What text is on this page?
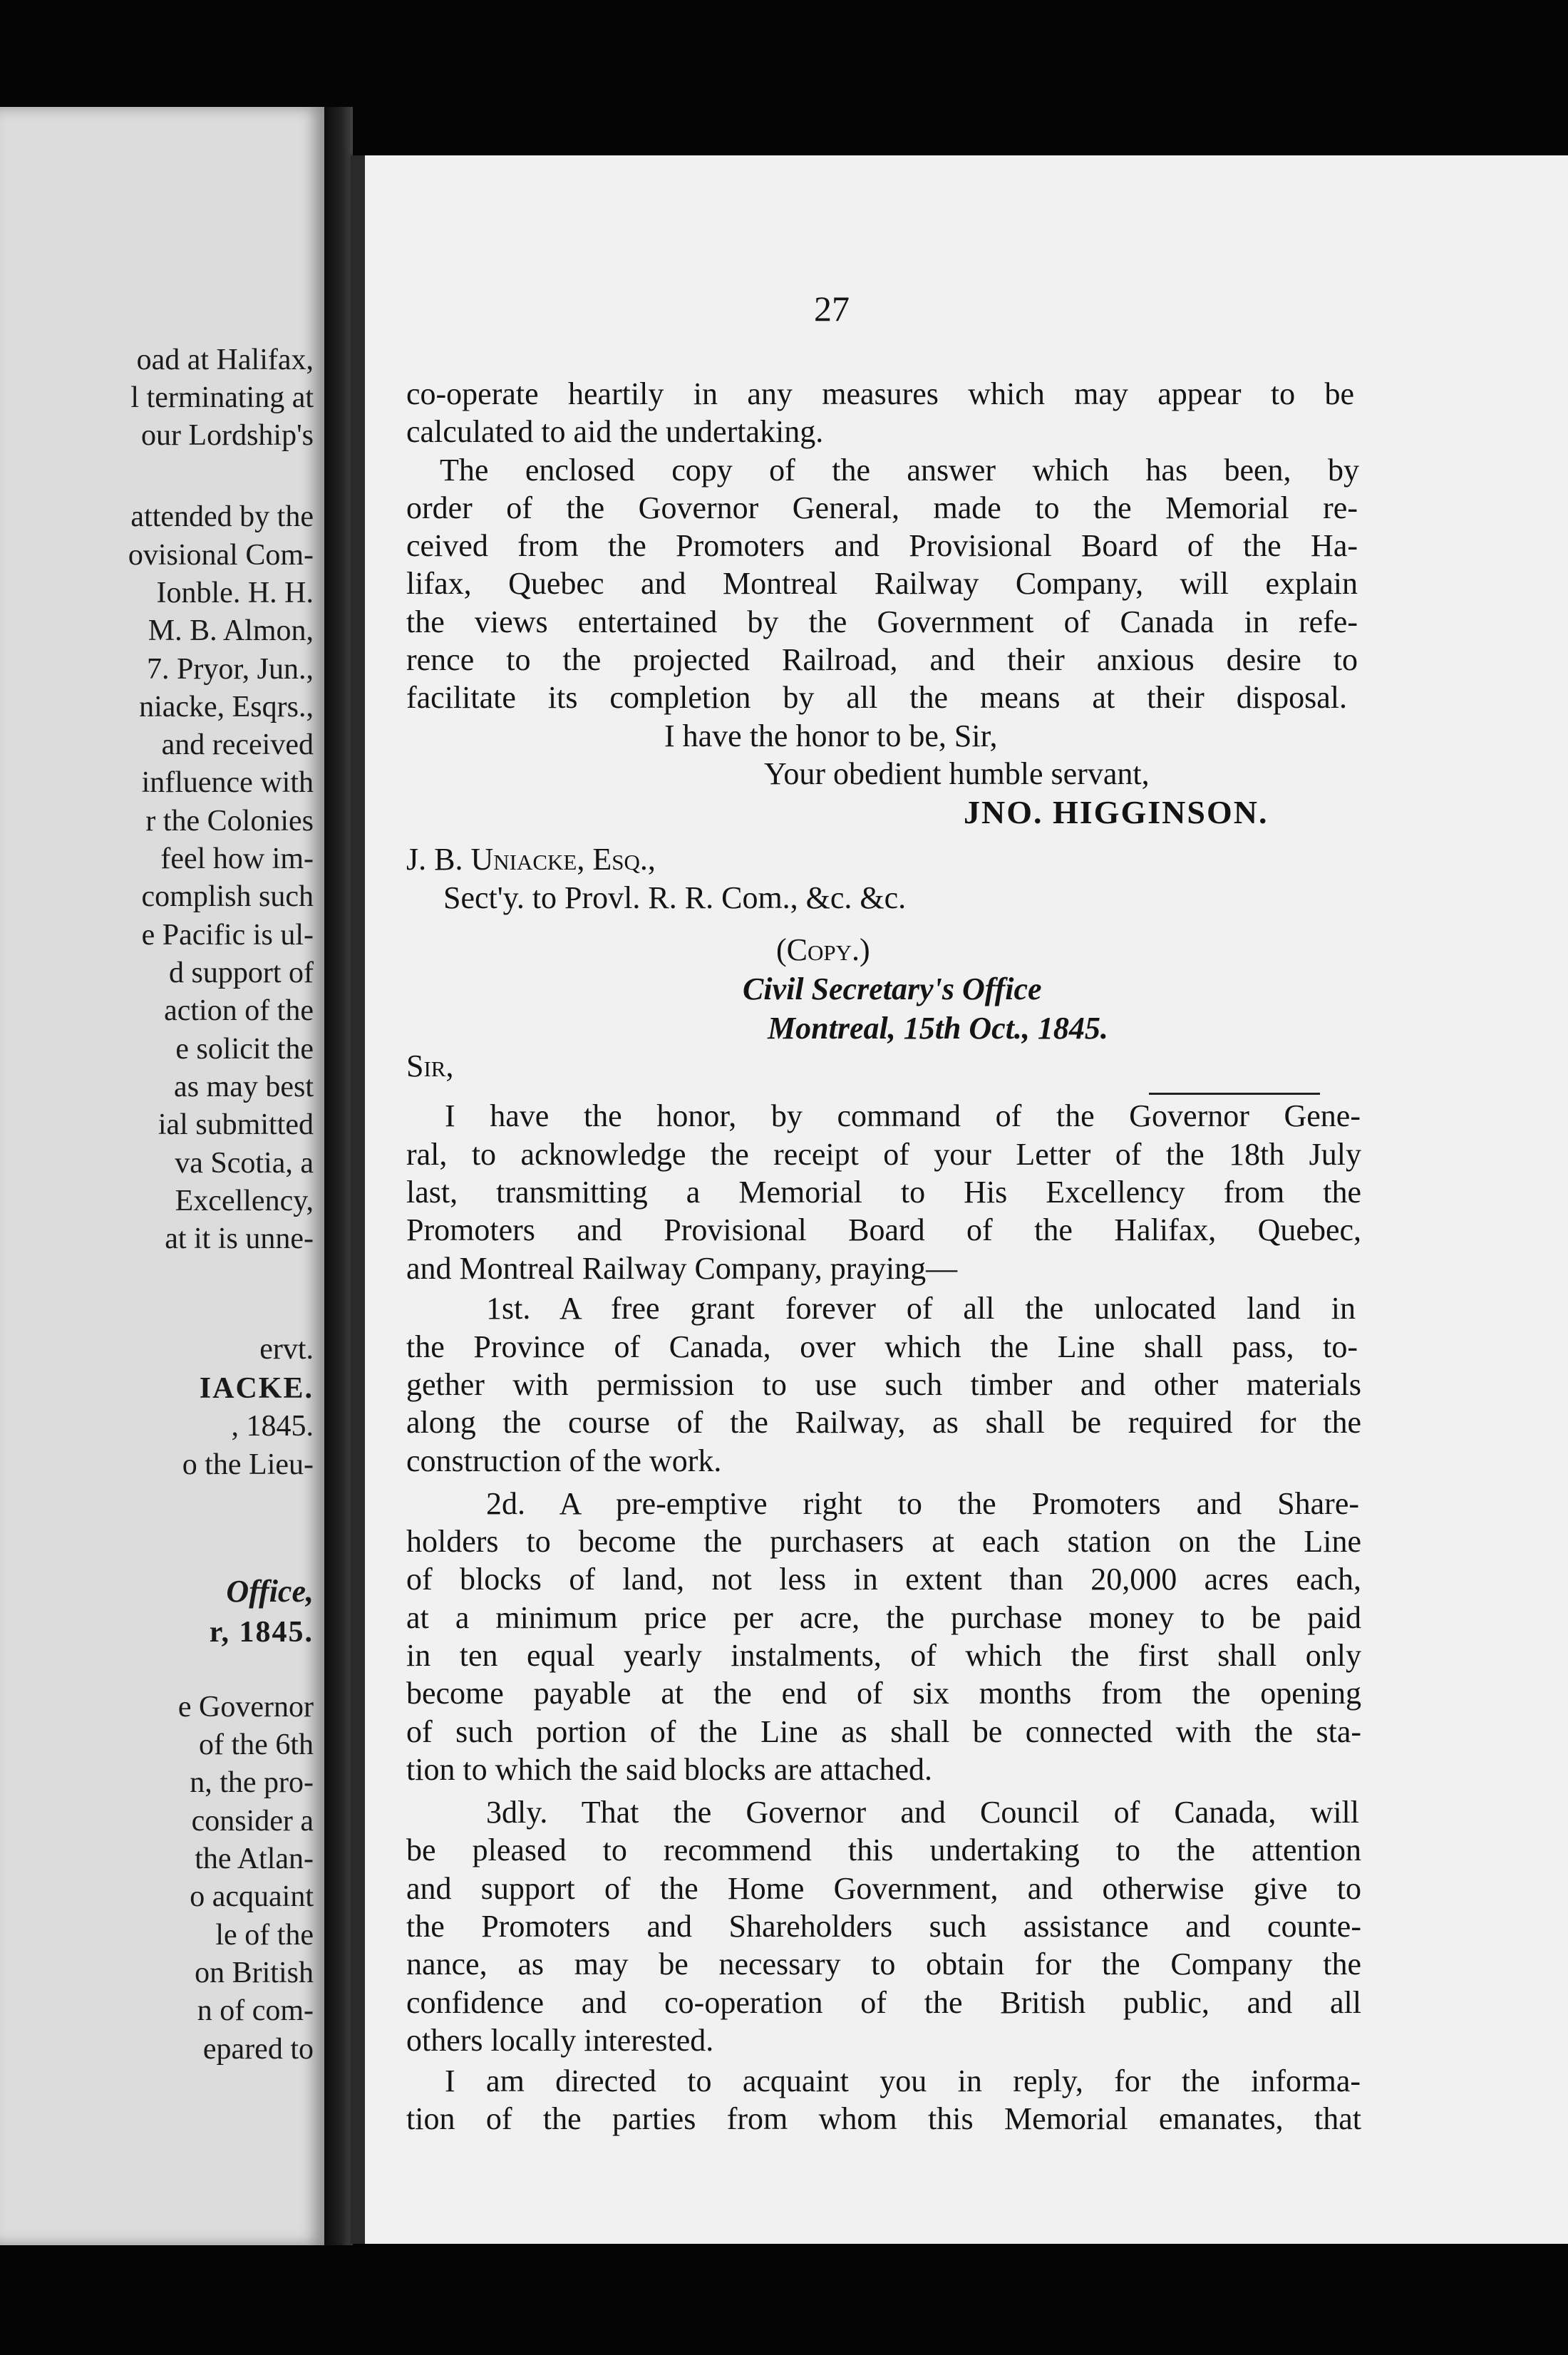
oad at Halifax,
l terminating at
our Lordship's
attended by the
ovisional Com-
Ionble. H. H.
M. B. Almon,
7. Pryor, Jun.,
niacke, Esqrs.,
and received
influence with
r the Colonies
feel how im-
complish such
e Pacific is ul-
d support of
action of the
e solicit the
as may best
ial submitted
va Scotia, a
Excellency,
at it is unne-
ervt.
IACKE.
, 1845.
o the Lieu-
Office,
r, 1845.
e Governor
of the 6th
n, the pro-
consider a
the Atlan-
o acquaint
le of the
on British
n of com-
epared to
27
co-operate heartily in any measures which may appear to be
calculated to aid the undertaking.
The enclosed copy of the answer which has been, by
order of the Governor General, made to the Memorial re-
ceived from the Promoters and Provisional Board of the Ha-
lifax, Quebec and Montreal Railway Company, will explain
the views entertained by the Government of Canada in refe-
rence to the projected Railroad, and their anxious desire to
facilitate its completion by all the means at their disposal.
I have the honor to be, Sir,
Your obedient humble servant,
JNO. HIGGINSON.
J. B. Uniacke, Esq.,
Sect'y. to Provl. R. R. Com., &c. &c.
(Copy.)
Civil Secretary's Office
Montreal, 15th Oct., 1845.
Sir,
I have the honor, by command of the Governor Gene-
ral, to acknowledge the receipt of your Letter of the 18th July
last, transmitting a Memorial to His Excellency from the
Promoters and Provisional Board of the Halifax, Quebec,
and Montreal Railway Company, praying—
1st. A free grant forever of all the unlocated land in
the Province of Canada, over which the Line shall pass, to-
gether with permission to use such timber and other materials
along the course of the Railway, as shall be required for the
construction of the work.
2d. A pre-emptive right to the Promoters and Share-
holders to become the purchasers at each station on the Line
of blocks of land, not less in extent than 20,000 acres each,
at a minimum price per acre, the purchase money to be paid
in ten equal yearly instalments, of which the first shall only
become payable at the end of six months from the opening
of such portion of the Line as shall be connected with the sta-
tion to which the said blocks are attached.
3dly. That the Governor and Council of Canada, will
be pleased to recommend this undertaking to the attention
and support of the Home Government, and otherwise give to
the Promoters and Shareholders such assistance and counte-
nance, as may be necessary to obtain for the Company the
confidence and co-operation of the British public, and all
others locally interested.
I am directed to acquaint you in reply, for the informa-
tion of the parties from whom this Memorial emanates, that
